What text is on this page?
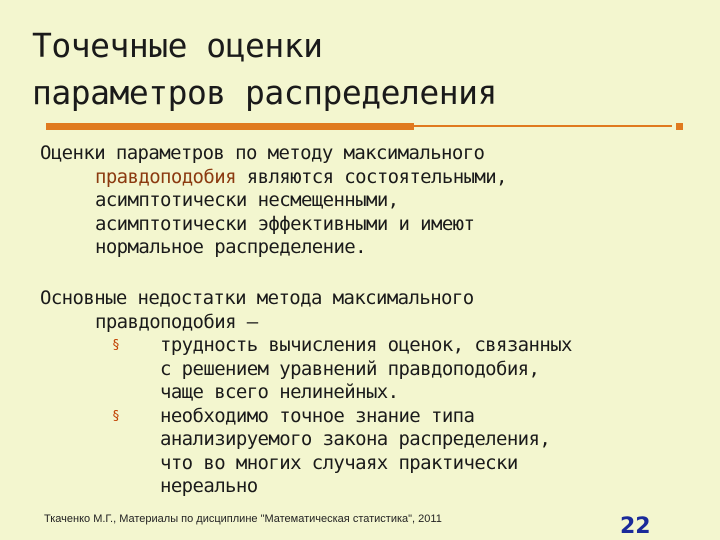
Точечные оценки
параметров распределения
Оценки параметров по методу максимального
правдоподобия являются состоятельными,
асимптотически несмещенными,
асимптотически эффективными и имеют
нормальное распределение.
Основные недостатки метода максимального
правдоподобия –
§ трудность вычисления оценок, связанных
с решением уравнений правдоподобия,
чаще всего нелинейных.
§ необходимо точное знание типа
анализируемого закона распределения,
что во многих случаях практически
нереально
Ткаченко М.Г., Материалы по дисциплине "Математическая статистика", 2011	22
